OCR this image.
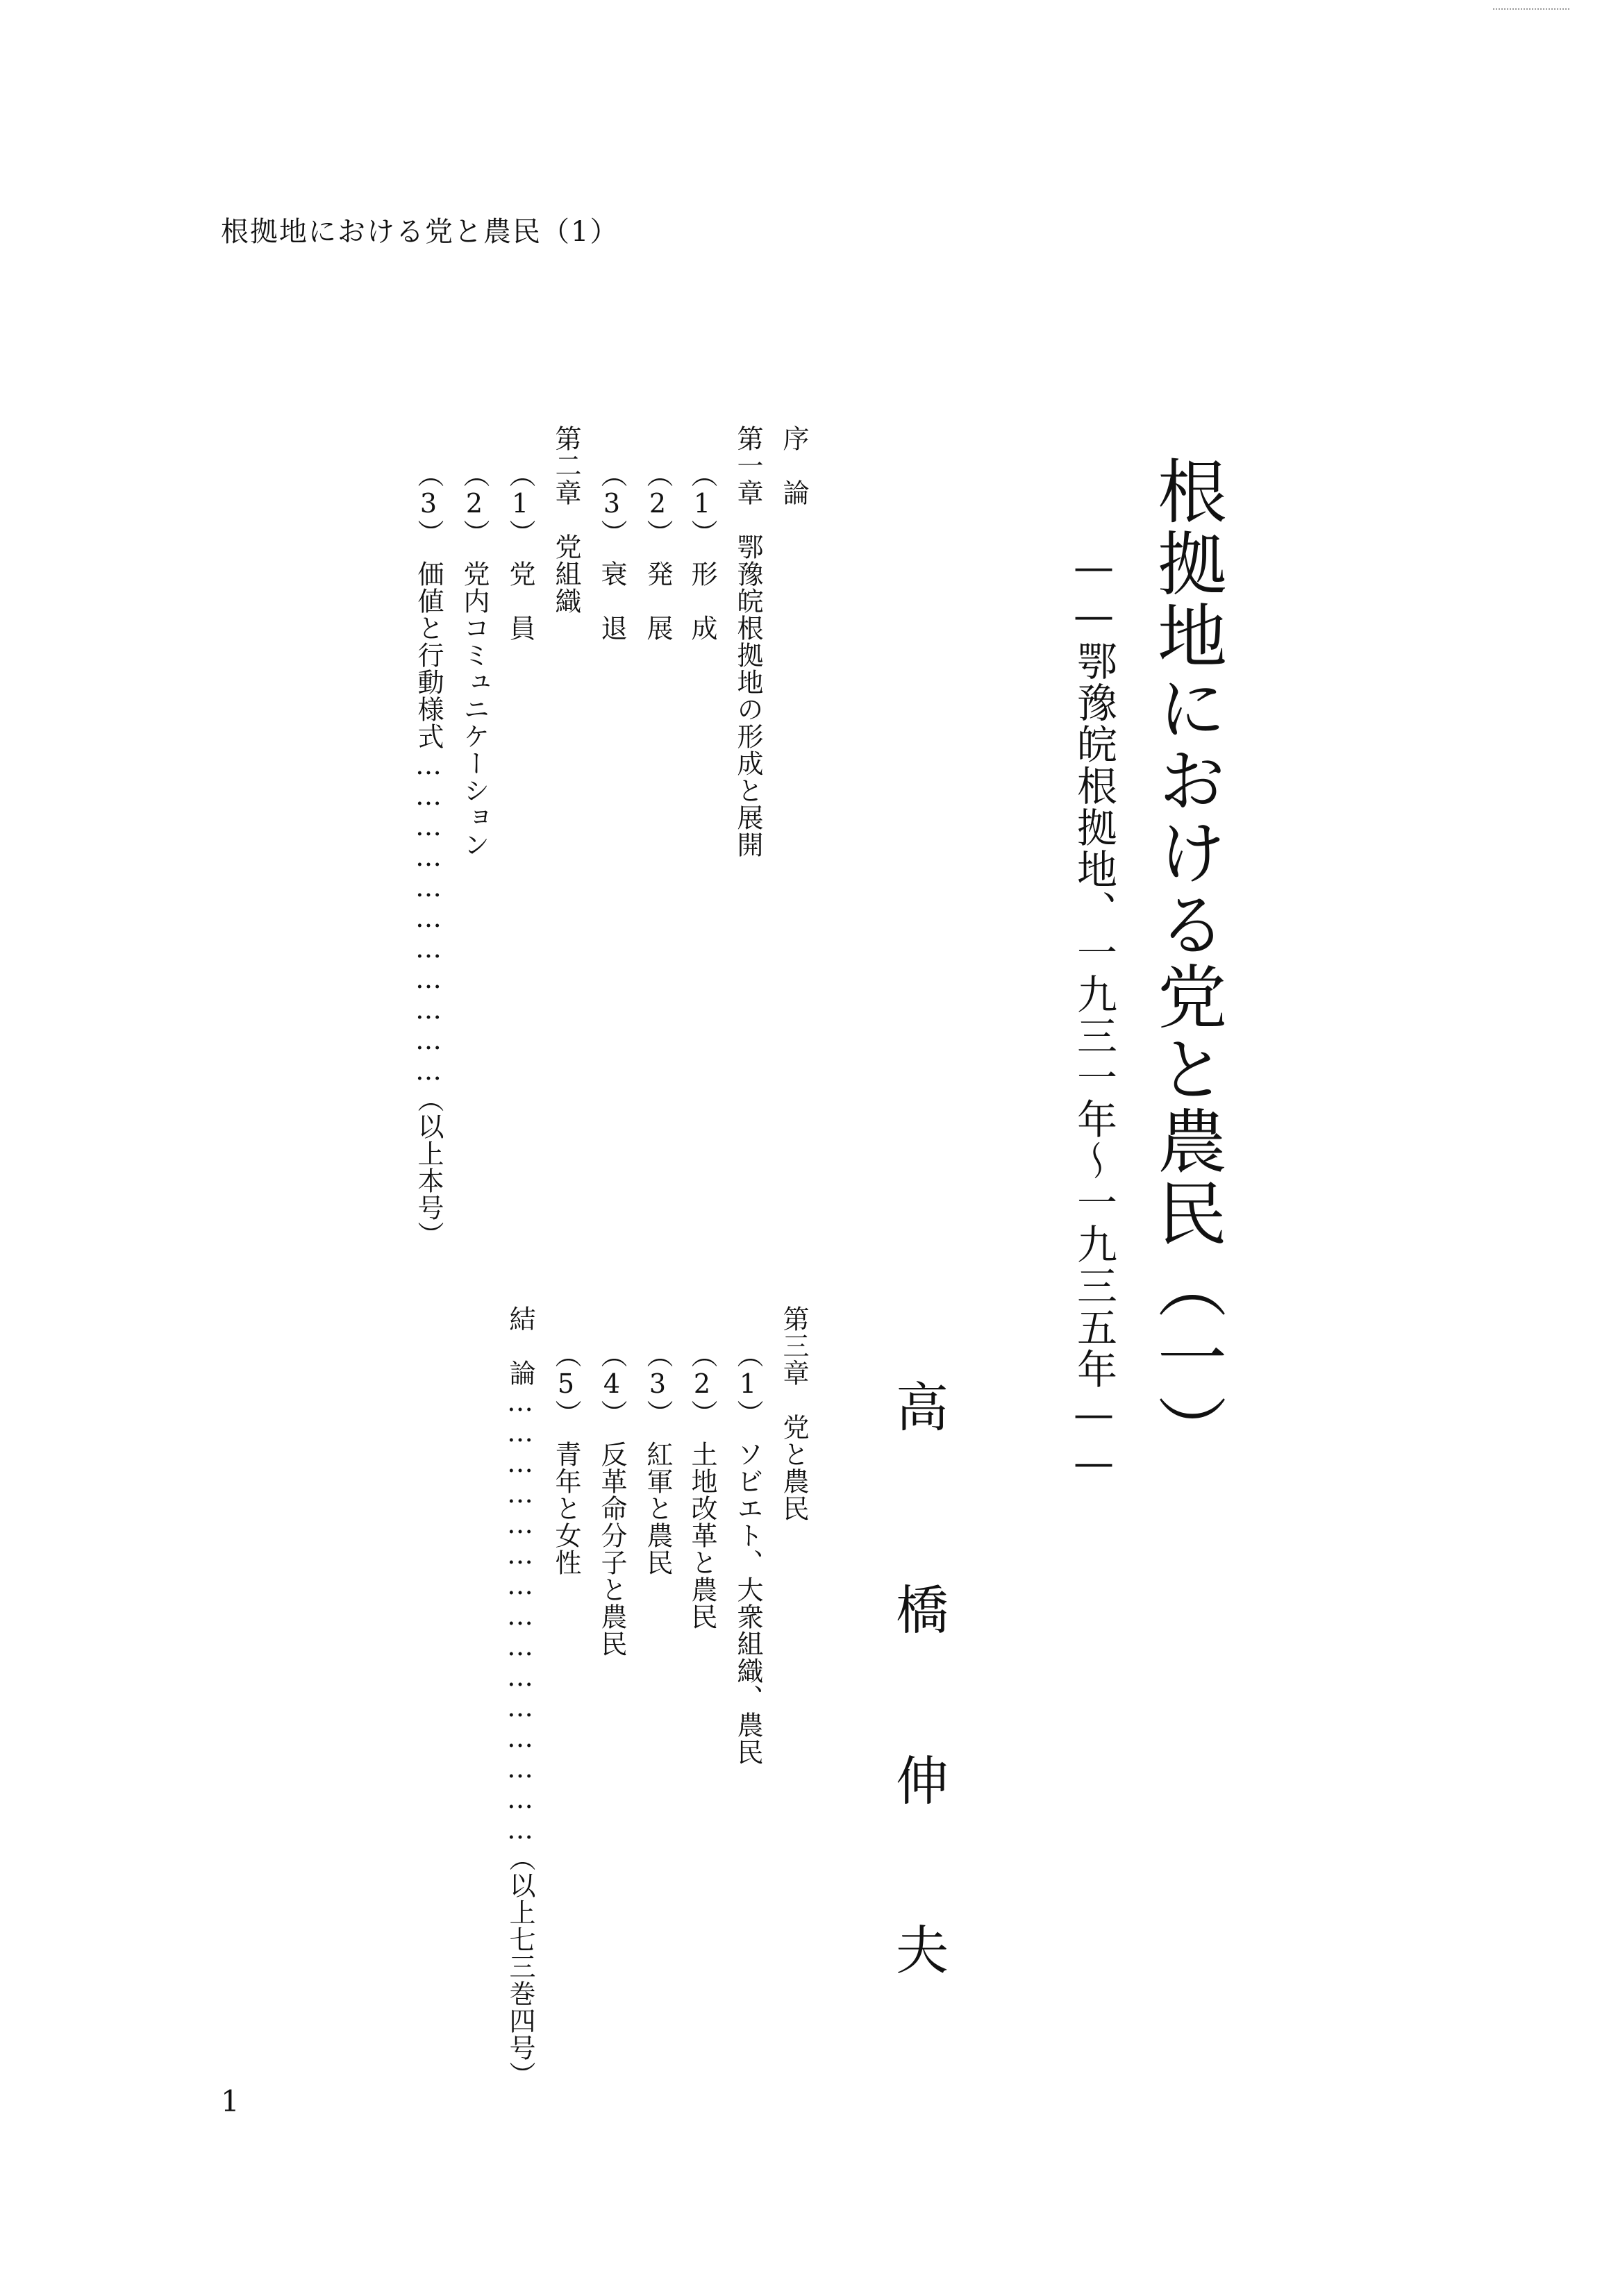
根拠地における党と農民（1）
根拠地における党と農民（一）
——鄂豫皖根拠地、一九三一年～一九三五年——
高
橋
伸
夫
序　論
第一章　鄂豫皖根拠地の形成と展開
（1）　形　成
（2）　発　展
（3）　衰　退
第二章　党組織
（1）　党　員
（2）　党内コミュニケーション
（3）　価値と行動様式……………………………（以上本号）
第三章　党と農民
（1）　ソビエト、大衆組織、農民
（2）　土地改革と農民
（3）　紅軍と農民
（4）　反革命分子と農民
（5）　青年と女性
結　論………………………………………（以上七三巻四号）
1
